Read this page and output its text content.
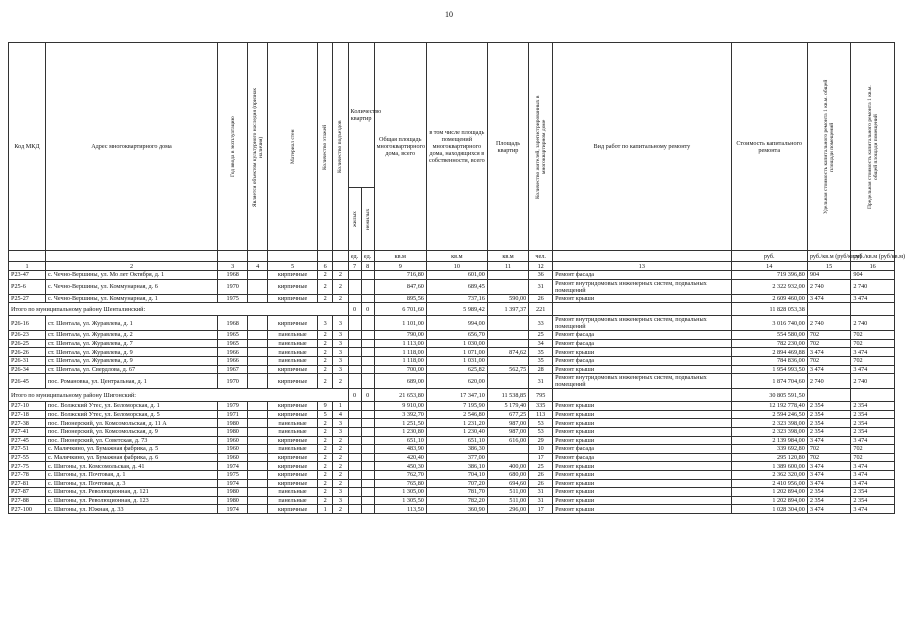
10
Код МКД	Адрес многоквартирного дома	Год ввода в эксплуатацию	Является объектом культурного наследия (признак наличия)	Материал стен	Количество этажей	Количество подъездов	Количество квартир		Общая площадь многоквартирного дома, всего	в том числе площадь помещений многоквартирного дома, находящихся в собственности, всего	Площадь квартир	Количество жителей, зарегистрированных в многоквартирном доме	Вид работ по капитальному ремонту	Стоимость капитального ремонта	Удельная стоимость капитального ремонта 1 кв.м. общей площади помещений	Предельная стоимость капитального ремонта 1 кв.м. общей площади помещений

							жилых	нежилых								

							ед.	ед.	кв.м	кв.м	кв.м	чел.		руб.	руб./кв.м (руб/кв.м)	руб./кв.м (руб/кв.м)
1	2	3	4	5	6		7	8	9	10	11	12	13	14	15	16
Р23-47	с. Чечно-Вершины, ул. Мо лет Октября, д. 1	1968		кирпичные	2	2			716,80	601,00		36	Ремонт фасада	719 396,80	904	904
Р25-6	с. Чечно-Вершины, ул. Коммунарная, д. 6	1970		кирпичные	2	2			847,60	689,45		31	Ремонт внутридомовых инженерных систем, подвальных помещений	2 322 932,00	2 740	2 740
Р25-27	с. Чечно-Вершины, ул. Коммунарная, д. 1	1975		кирпичные	2	2			895,56	737,16	590,00	26	Ремонт крыши	2 609 460,00	3 474	3 474
Итого по муниципальному району Шенталинский:							0	0	6 701,60	5 989,42	1 397,37	221		11 828 053,38		
Р26-16	ст. Шентала, ул. Журавлева, д. 1	1968		кирпичные	3	3			1 101,00	994,00		33	Ремонт внутридомовых инженерных систем, подвальных помещений	3 016 740,00	2 740	2 740
Р26-23	ст. Шентала, ул. Журавлева, д. 2	1965		панельные	2	3			790,00	656,70		25	Ремонт фасада	554 580,00	702	702
Р26-25	ст. Шентала, ул. Журавлева, д. 7	1965		панельные	2	3			1 113,00	1 030,00		34	Ремонт фасада	782 230,00	702	702
Р26-26	ст. Шентала, ул. Журавлева, д. 9	1966		панельные	2	3			1 118,00	1 071,00	874,62	35	Ремонт крыши	2 894 469,88	3 474	3 474
Р26-31	ст. Шентала, ул. Журавлева, д. 9	1966		панельные	2	3			1 118,00	1 031,00		35	Ремонт фасада	784 836,00	702	702
Р26-34	ст. Шентала, ул. Свердлова, д. 67	1967		кирпичные	2	3			700,00	625,82	562,75	28	Ремонт крыши	1 954 993,50	3 474	3 474
Р26-45	пос. Романовка, ул. Центральная, д. 1	1970		кирпичные	2	2			689,00	620,00		31	Ремонт внутридомовых инженерных систем, подвальных помещений	1 874 704,60	2 740	2 740
Итого по муниципальному району Шигонский:							0	0	21 653,80	17 347,10	11 538,85	795		30 805 591,50		
Р27-10	пос. Волжский Утес, ул. Беломорская, д. 1	1979		кирпичные	9	1			9 910,00	7 195,90	5 179,40	335	Ремонт крыши	12 192 778,40	2 354	2 354
Р27-18	пос. Волжский Утес, ул. Беломорская, д. 5	1971		кирпичные	5	4			3 392,70	2 546,80	677,25	113	Ремонт крыши	2 594 246,50	2 354	2 354
Р27-38	пос. Пионерский, ул. Комсомольская, д. 11 А	1980		панельные	2	3			1 251,50	1 231,20	987,00	53	Ремонт крыши	2 323 398,00	2 354	2 354
Р27-41	пос. Пионерский, ул. Комсомольская, д. 9	1980		панельные	2	3			1 230,80	1 230,40	987,00	53	Ремонт крыши	2 323 398,00	2 354	2 354
Р27-45	пос. Пионерский, ул. Советская, д. 73	1960		кирпичные	2	2			651,10	651,10	616,00	29	Ремонт крыши	2 139 984,00	3 474	3 474
Р27-51	с. Малячкино, ул. Бумажная фабрика, д. 5	1960		панельные	2	2			483,90	386,30		10	Ремонт фасада	339 692,80	702	702
Р27-55	с. Малячкино, ул. Бумажная фабрика, д. 6	1960		кирпичные	2	2			420,40	377,00		17	Ремонт фасада	295 120,80	702	702
Р27-75	с. Шигоны, ул. Комсомольская, д. 41	1974		кирпичные	2	2			450,30	386,10	400,00	25	Ремонт крыши	1 389 600,00	3 474	3 474
Р27-78	с. Шигоны, ул. Почтовая, д. 1	1975		кирпичные	2	2			762,70	704,10	680,00	26	Ремонт крыши	2 362 320,00	3 474	3 474
Р27-81	с. Шигоны, ул. Почтовая, д. 3	1974		кирпичные	2	2			765,80	707,20	694,60	26	Ремонт крыши	2 410 956,00	3 474	3 474
Р27-87	с. Шигоны, ул. Революционная, д. 121	1980		панельные	2	3			1 305,00	781,70	511,00	31	Ремонт крыши	1 202 894,00	2 354	2 354
Р27-88	с. Шигоны, ул. Революционная, д. 123	1980		панельные	2	3			1 305,50	782,20	511,00	31	Ремонт крыши	1 202 894,00	2 354	2 354
Р27-100	с. Шигоны, ул. Южная, д. 33	1974		кирпичные	1	2			113,50	360,90	296,00	17	Ремонт крыши	1 028 304,00	3 474	3 474
